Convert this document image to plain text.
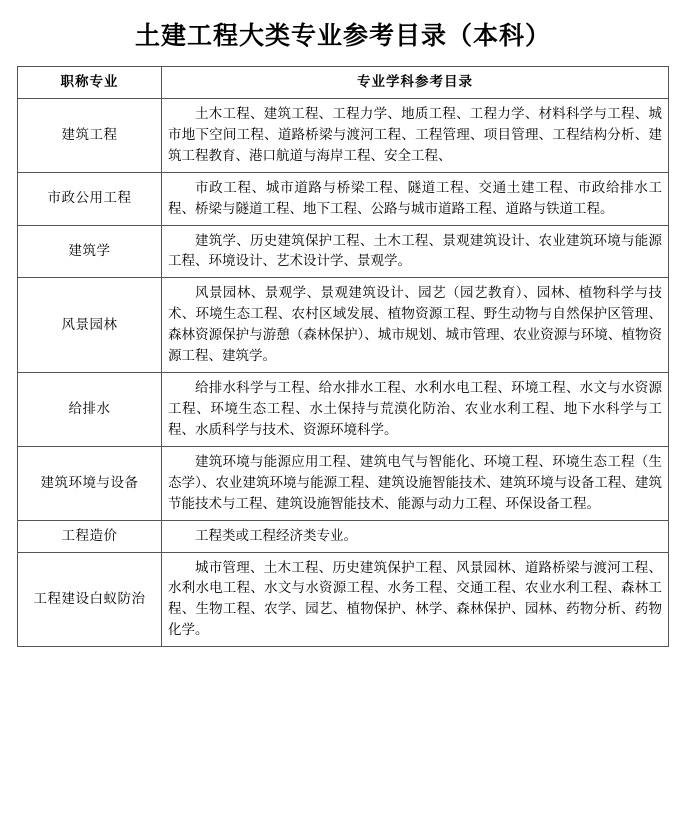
土建工程大类专业参考目录（本科）
职称专业	专业学科参考目录
建筑工程	土木工程、建筑工程、工程力学、地质工程、工程力学、材料科学与工程、城市地下空间工程、道路桥梁与渡河工程、工程管理、项目管理、工程结构分析、建筑工程教育、港口航道与海岸工程、安全工程、
市政公用工程	市政工程、城市道路与桥梁工程、隧道工程、交通土建工程、市政给排水工程、桥梁与隧道工程、地下工程、公路与城市道路工程、道路与铁道工程。
建筑学	建筑学、历史建筑保护工程、土木工程、景观建筑设计、农业建筑环境与能源工程、环境设计、艺术设计学、景观学。
风景园林	风景园林、景观学、景观建筑设计、园艺（园艺教育）、园林、植物科学与技术、环境生态工程、农村区域发展、植物资源工程、野生动物与自然保护区管理、森林资源保护与游憩（森林保护）、城市规划、城市管理、农业资源与环境、植物资源工程、建筑学。
给排水	给排水科学与工程、给水排水工程、水利水电工程、环境工程、水文与水资源工程、环境生态工程、水土保持与荒漠化防治、农业水利工程、地下水科学与工程、水质科学与技术、资源环境科学。
建筑环境与设备	建筑环境与能源应用工程、建筑电气与智能化、环境工程、环境生态工程（生态学）、农业建筑环境与能源工程、建筑设施智能技术、建筑环境与设备工程、建筑节能技术与工程、建筑设施智能技术、能源与动力工程、环保设备工程。
工程造价	工程类或工程经济类专业。
工程建设白蚁防治	城市管理、土木工程、历史建筑保护工程、风景园林、道路桥梁与渡河工程、水利水电工程、水文与水资源工程、水务工程、交通工程、农业水利工程、森林工程、生物工程、农学、园艺、植物保护、林学、森林保护、园林、药物分析、药物化学。
